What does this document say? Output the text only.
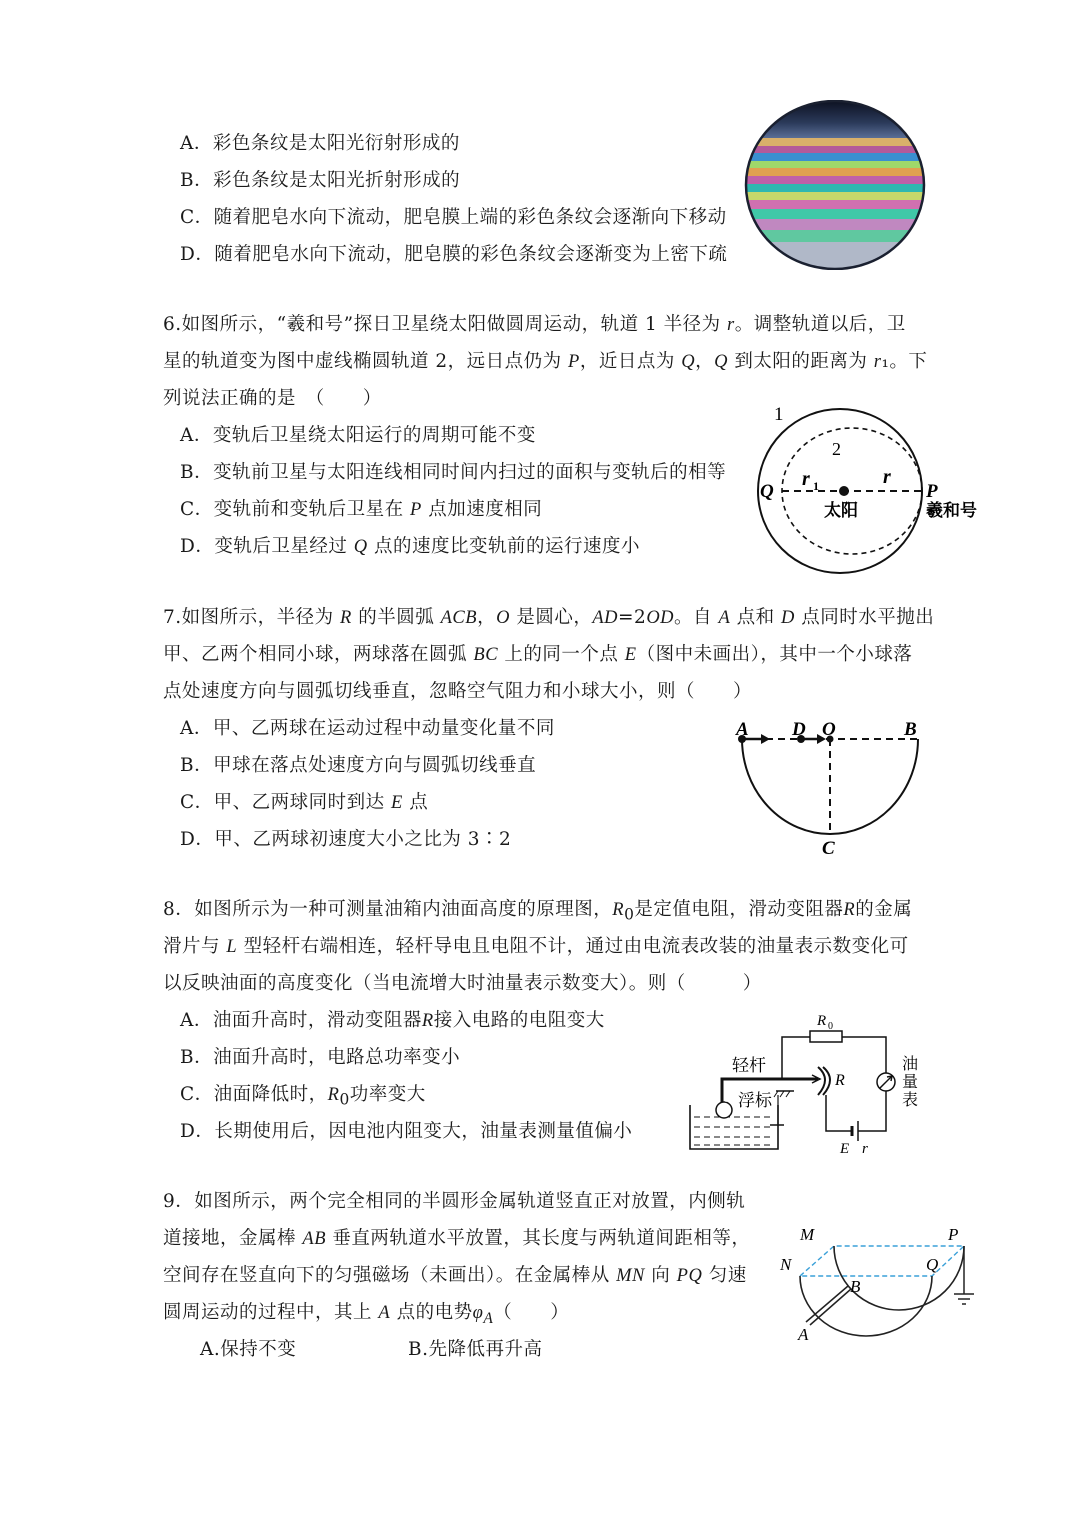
A．彩色条纹是太阳光衍射形成的
B．彩色条纹是太阳光折射形成的
C．随着肥皂水向下流动，肥皂膜上端的彩色条纹会逐渐向下移动
D．随着肥皂水向下流动，肥皂膜的彩色条纹会逐渐变为上密下疏
6.如图所示，“羲和号”探日卫星绕太阳做圆周运动，轨道 1 半径为 r。调整轨道以后，卫
星的轨道变为图中虚线椭圆轨道 2，远日点仍为 P，近日点为 Q，Q 到太阳的距离为 r₁。下
列说法正确的是　（　　）
A．变轨后卫星绕太阳运行的周期可能不变
B．变轨前卫星与太阳连线相同时间内扫过的面积与变轨后的相等
C．变轨前和变轨后卫星在 P 点加速度相同
D．变轨后卫星经过 Q 点的速度比变轨前的运行速度小
1
2
Q	P
r 1	r
太阳	羲和号
7.如图所示，半径为 R 的半圆弧 ACB，O 是圆心，AD=2OD。自 A 点和 D 点同时水平抛出
甲、乙两个相同小球，两球落在圆弧 BC 上的同一个点 E（图中未画出），其中一个小球落
点处速度方向与圆弧切线垂直，忽略空气阻力和小球大小，则（　　）
A．甲、乙两球在运动过程中动量变化量不同
B．甲球在落点处速度方向与圆弧切线垂直
C．甲、乙两球同时到达 E 点
D．甲、乙两球初速度大小之比为 3∶2
A D O	B
C
8．如图所示为一种可测量油箱内油面高度的原理图，$R_0$是定值电阻，滑动变阻器R的金属
滑片与 L 型轻杆右端相连，轻杆导电且电阻不计，通过由电流表改装的油量表示数变化可
以反映油面的高度变化（当电流增大时油量表示数变大）。则（　　　）
A．油面升高时，滑动变阻器R接入电路的电阻变大
B．油面升高时，电路总功率变小
C．油面降低时，$R_0$功率变大
D．长期使用后，因电池内阻变大，油量表测量值偏小
R 0
R
轻杆
浮标
油
量
表
E r
9．如图所示，两个完全相同的半圆形金属轨道竖直正对放置，内侧轨
道接地，金属棒 AB 垂直两轨道水平放置，其长度与两轨道间距相等，
空间存在竖直向下的匀强磁场（未画出）。在金属棒从 MN 向 PQ 匀速
圆周运动的过程中，其上 A 点的电势$\varphi_A$（　　）
A.保持不变	B.先降低再升高
M
N
P
Q
B
A
